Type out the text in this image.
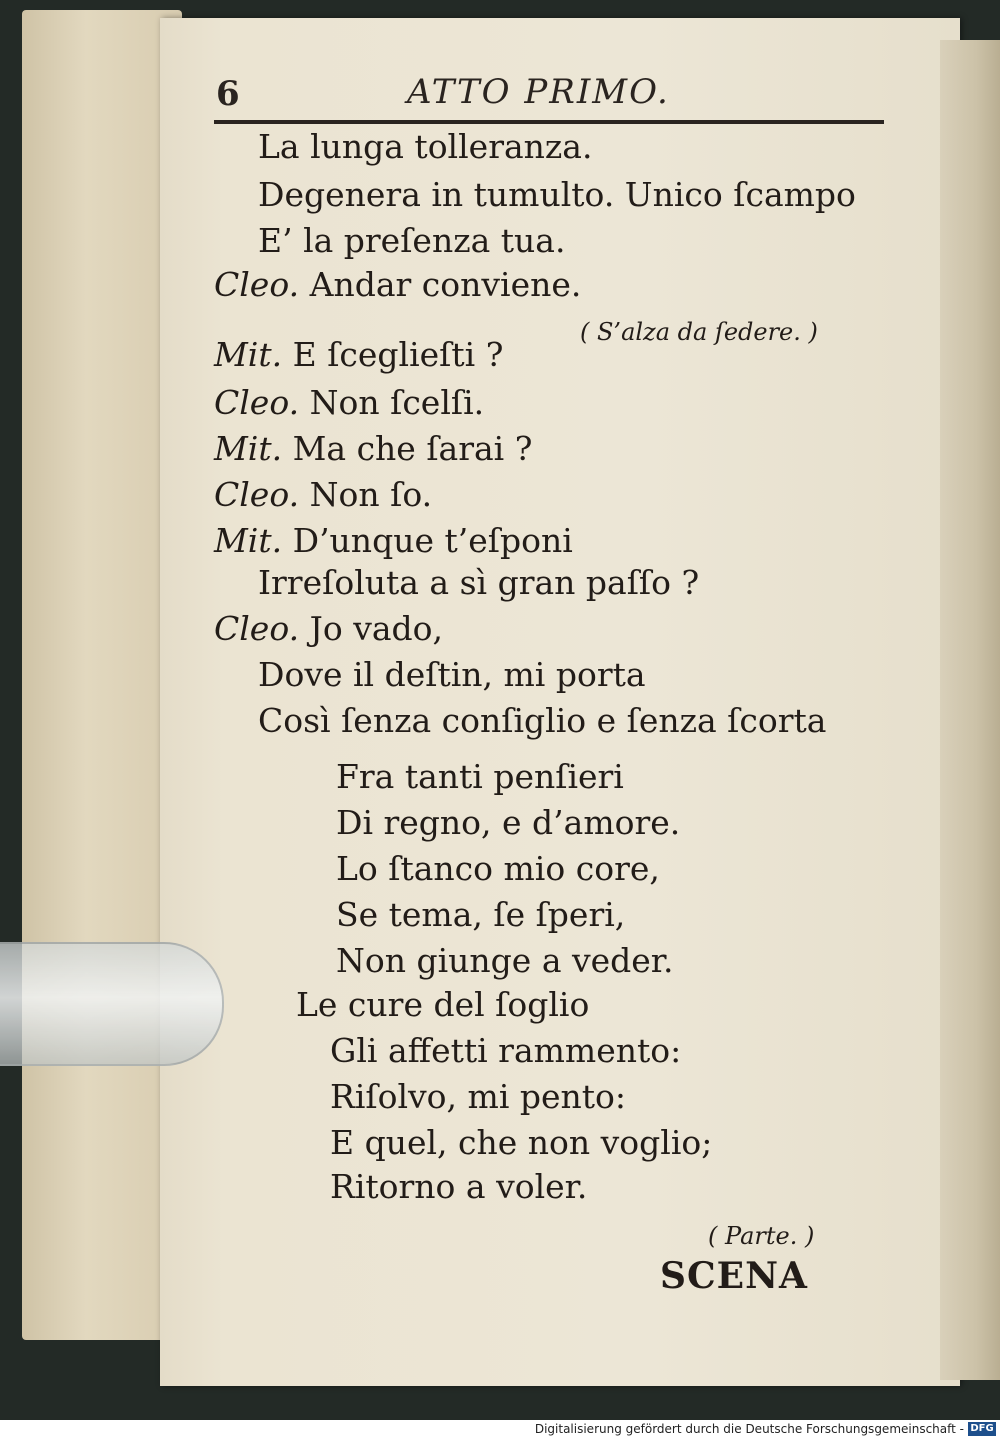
6	ATTO PRIMO.
La lunga tolleranza.
Degenera in tumulto. Unico ſcampo
E’ la preſenza tua.
Cleo. Andar conviene.
( S’alza da ſedere. )
Mit. E ſceglieſti ?
Cleo. Non ſcelſi.
Mit. Ma che ſarai ?
Cleo. Non ſo.
Mit. D’unque t’eſponi
Irreſoluta a sì gran paſſo ?
Cleo. Jo vado,
Dove il deſtin, mi porta
Così ſenza conſiglio e ſenza ſcorta
Fra tanti penſieri
Di regno, e d’amore.
Lo ſtanco mio core,
Se tema, ſe ſperi,
Non giunge a veder.
Le cure del ſoglio
Gli affetti rammento:
Riſolvo, mi pento:
E quel, che non voglio;
Ritorno a voler.
( Parte. )
SCENA
Digitalisierung gefördert durch die Deutsche Forschungsgemeinschaft - DFG
